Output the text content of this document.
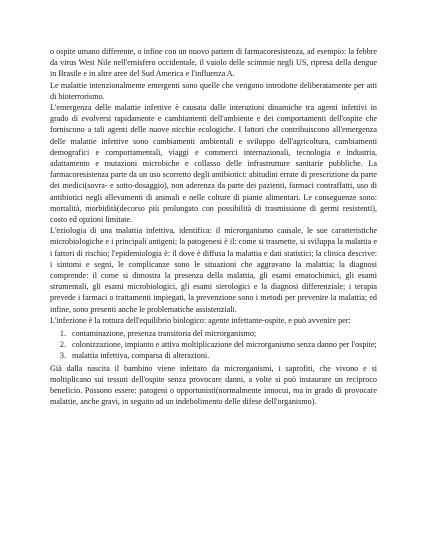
o ospite umano differente, o infine con un nuovo pattern di farmacoresistenza, ad esempio: la febbre da virus West Nile nell'emisfero occidentale, il vaiolo delle scimmie negli US, ripresa della dengue in Brasile e in altre aree del Sud America e l'influenza A.

Le malattie intenzionalmente emergenti sono quelle che vengono introdotte deliberatamente per atti di bioterrorismo.

L'emergenza delle malattie infettive è causata dalle interazioni dinamiche tra agenti infettivi in grado di evolversi rapidamente e cambiamenti dell'ambiente e dei comportamenti dell'ospite che forniscono a tali agenti delle nuove nicchie ecologiche. I fattori che contribuiscono all'emergenza delle malattie infettive sono cambiamenti ambientali e sviluppo dell'agricoltura, cambiamenti demografici e comportamentali, viaggi e commerci internazionali, tecnologia e industria, adattamento e mutazioni microbiche e collasso delle infrastrutture sanitarie pubbliche. La farmacoresistenza parte da un uso scorretto degli antibiotici: abitudini errate di prescrizione da parte dei medici(sovra- e sotto-dosaggio), non aderenza da parte dei pazienti, farmaci contraffatti, uso di antibiotici negli allevamenti di animali e nelle colture di piante alimentari. Le conseguenze sono: mortalità, morbidità(decorso più prolungato con possibilità di trasmissione di germi resistenti), costo ed opzioni limitate.

L'eziologia di una malattia infettiva, identifica: il microrganismo causale, le sue caratteristiche microbiologiche e i principali antigeni; la patogenesi è il: come si trasmette, si sviluppa la malattia e i fattori di rischio; l'epidemiologia è: il dove è diffusa la malattia e dati statistici; la clinica descrive: i sintomi e segni, le complicanze sono le situazioni che aggravano la malattia; la diagnosi comprende: il come si dimostra la presenza della malattia, gli esami ematochimici, gli esami strumentali, gli esami microbiologici, gli esami sierologici e la diagnosi differenziale; i terapia prevede i farmaci o trattamenti impiegati, la prevenzione sono i metodi per prevenire la malattia; ed infine, sono presenti anche le problematiche assistenziali.

L'infezione è la rottura dell'equilibrio biologico: agente infettante-ospite, e può avvenire per:

1. contaminazione, presenza transitoria del microrganismo;
2. colonizzazione, impianto e attiva moltiplicazione del microrganismo senza danno per l'ospite;
3. malattia infettiva, comparsa di alterazioni.

Già dalla nascita il bambino viene infettato da microrganismi, i saprofiti, che vivono e si moltiplicano sui tessuti dell'ospite senza provocare danni, a volte si può instaurare un reciproco beneficio. Possono essere: patogeni o opportunisti(normalmente innocui, ma in grado di provocare malattie, anche gravi, in seguito ad un indebolimento delle difese dell'organismo).
